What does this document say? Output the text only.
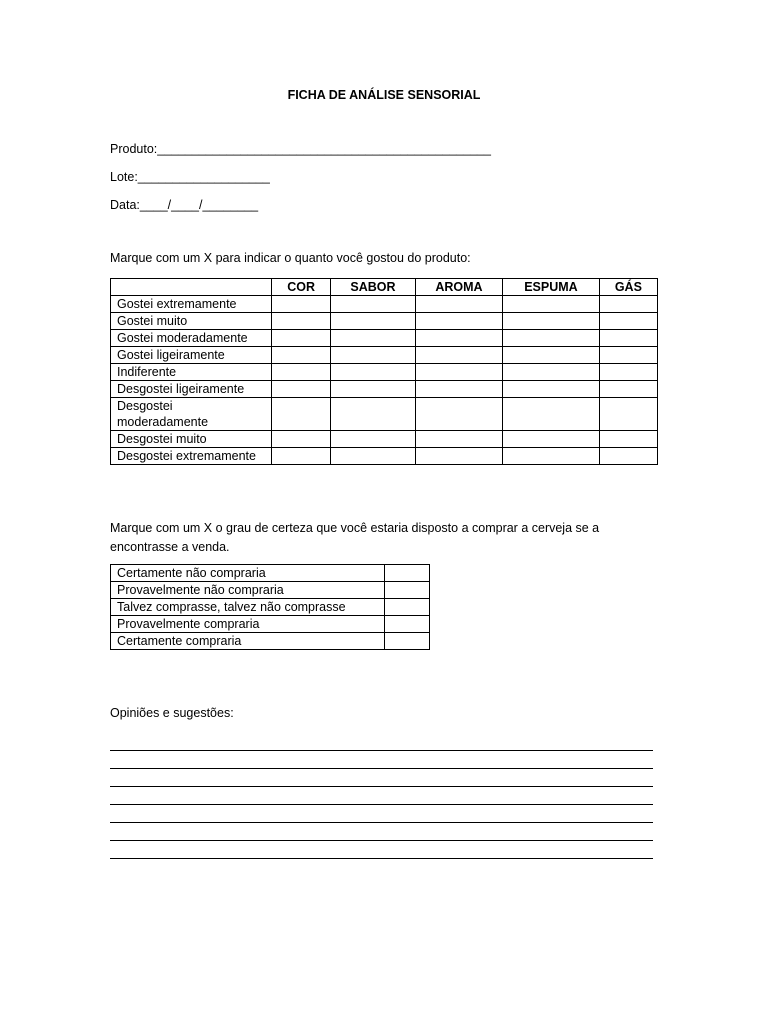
FICHA DE ANÁLISE SENSORIAL
Produto:________________________________________________
Lote:___________________
Data:____/____/________
Marque com um X para indicar o quanto você gostou do produto:
	COR	SABOR	AROMA	ESPUMA	GÁS
Gostei extremamente					
Gostei muito					
Gostei moderadamente					
Gostei ligeiramente					
Indiferente					
Desgostei ligeiramente					
Desgostei moderadamente					
Desgostei muito					
Desgostei extremamente					
Marque com um X o grau de certeza que você estaria disposto a comprar a cerveja se a encontrasse a venda.
Certamente não compraria	
Provavelmente não compraria	
Talvez comprasse, talvez não comprasse	
Provavelmente compraria	
Certamente compraria	
Opiniões e sugestões:
